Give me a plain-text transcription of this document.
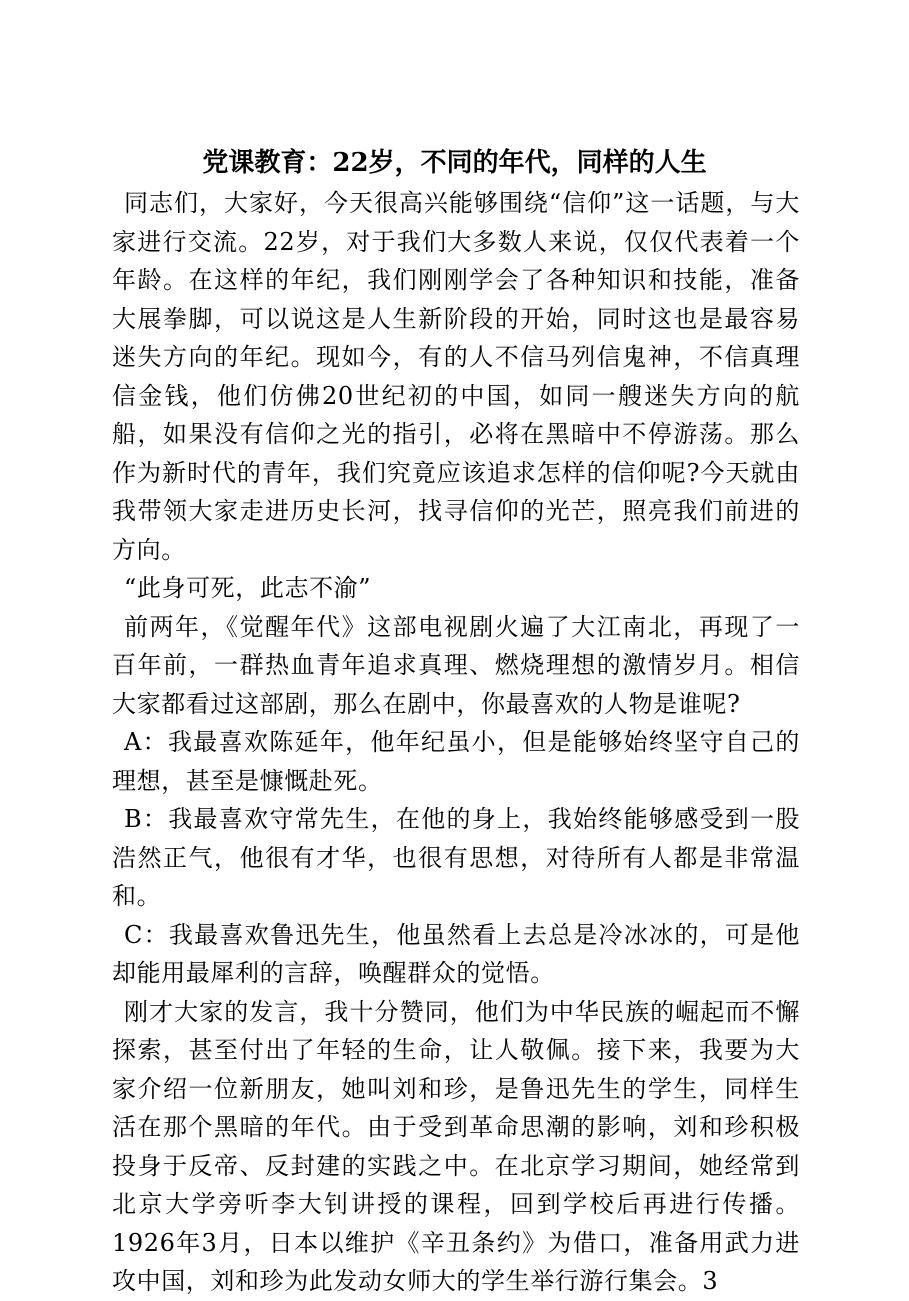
党课教育：22岁，不同的年代，同样的人生

同志们，大家好，今天很高兴能够围绕“信仰”这一话题，与大家进行交流。22岁，对于我们大多数人来说，仅仅代表着一个年龄。在这样的年纪，我们刚刚学会了各种知识和技能，准备大展拳脚，可以说这是人生新阶段的开始，同时这也是最容易迷失方向的年纪。现如今，有的人不信马列信鬼神，不信真理信金钱，他们仿佛20世纪初的中国，如同一艘迷失方向的航船，如果没有信仰之光的指引，必将在黑暗中不停游荡。那么作为新时代的青年，我们究竟应该追求怎样的信仰呢?今天就由我带领大家走进历史长河，找寻信仰的光芒，照亮我们前进的方向。

“此身可死，此志不渝”

前两年，《觉醒年代》这部电视剧火遍了大江南北，再现了一百年前，一群热血青年追求真理、燃烧理想的激情岁月。相信大家都看过这部剧，那么在剧中，你最喜欢的人物是谁呢?

A：我最喜欢陈延年，他年纪虽小，但是能够始终坚守自己的理想，甚至是慷慨赴死。

B：我最喜欢守常先生，在他的身上，我始终能够感受到一股浩然正气，他很有才华，也很有思想，对待所有人都是非常温和。

C：我最喜欢鲁迅先生，他虽然看上去总是冷冰冰的，可是他却能用最犀利的言辞，唤醒群众的觉悟。

刚才大家的发言，我十分赞同，他们为中华民族的崛起而不懈探索，甚至付出了年轻的生命，让人敬佩。接下来，我要为大家介绍一位新朋友，她叫刘和珍，是鲁迅先生的学生，同样生活在那个黑暗的年代。由于受到革命思潮的影响，刘和珍积极投身于反帝、反封建的实践之中。在北京学习期间，她经常到北京大学旁听李大钊讲授的课程，回到学校后再进行传播。1926年3月，日本以维护《辛丑条约》为借口，准备用武力进攻中国，刘和珍为此发动女师大的学生举行游行集会。3
